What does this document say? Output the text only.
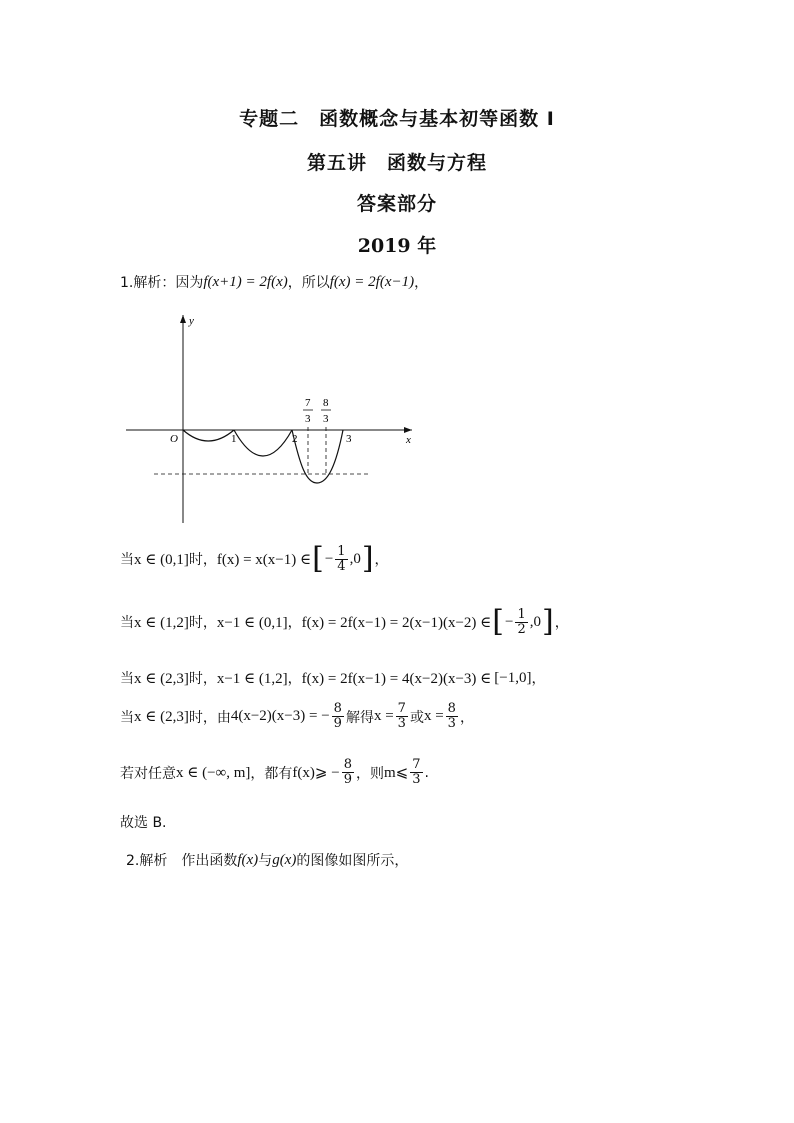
专题二　函数概念与基本初等函数 I
第五讲　函数与方程
答案部分
2019 年
1.解析：因为 f(x+1) = 2f(x) ，所以 f(x) = 2f(x−1) ，
y
x
O	1	2	3
7
3
8
3
当 x ∈ (0,1] 时， f(x) = x(x−1) ∈ [ − $\frac{1}{4} ,0$ ] ，
当 x ∈ (1,2] 时， x−1 ∈ (0,1] ， f(x) = 2f(x−1) = 2(x−1)(x−2) ∈ [ − $\frac{1}{2} ,0$ ] ，
当 x ∈ (2,3] 时， x−1 ∈ (1,2] ， f(x) = 2f(x−1) = 4(x−2)(x−3) ∈ [−1,0] ，
当 x ∈ (2,3] 时，由 4(x−2)(x−3) = − $\frac{8}{9}$ 解得 $x = \frac{7}{3}$ 或 $x = \frac{8}{3}$ ，
若对任意 x ∈ (−∞, m] ，都有 f(x)⩾ − $\frac{8}{9}$ ，则 m⩽ $\frac{7}{3}$ .
故选 B.
2.解析　作出函数 f(x) 与 g(x) 的图像如图所示，
